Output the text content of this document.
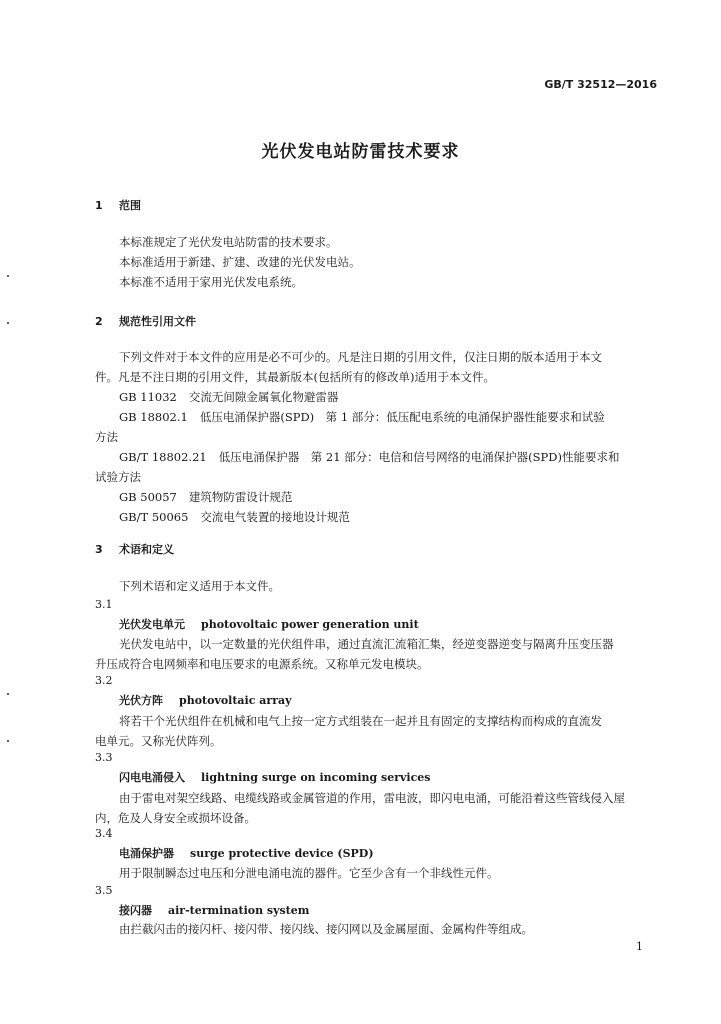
GB/T 32512—2016
光伏发电站防雷技术要求
1 范围
本标准规定了光伏发电站防雷的技术要求。
本标准适用于新建、扩建、改建的光伏发电站。
本标准不适用于家用光伏发电系统。
2 规范性引用文件
下列文件对于本文件的应用是必不可少的。凡是注日期的引用文件，仅注日期的版本适用于本文
件。凡是不注日期的引用文件，其最新版本(包括所有的修改单)适用于本文件。
GB 11032 交流无间隙金属氧化物避雷器
GB 18802.1 低压电涌保护器(SPD)　第 1 部分：低压配电系统的电涌保护器性能要求和试验
方法
GB/T 18802.21 低压电涌保护器　第 21 部分：电信和信号网络的电涌保护器(SPD)性能要求和
试验方法
GB 50057 建筑物防雷设计规范
GB/T 50065 交流电气装置的接地设计规范
3 术语和定义
下列术语和定义适用于本文件。
3.1
光伏发电单元 photovoltaic power generation unit
光伏发电站中，以一定数量的光伏组件串，通过直流汇流箱汇集，经逆变器逆变与隔离升压变压器
升压成符合电网频率和电压要求的电源系统。又称单元发电模块。
3.2
光伏方阵 photovoltaic array
将若干个光伏组件在机械和电气上按一定方式组装在一起并且有固定的支撑结构而构成的直流发
电单元。又称光伏阵列。
3.3
闪电电涌侵入 lightning surge on incoming services
由于雷电对架空线路、电缆线路或金属管道的作用，雷电波，即闪电电涌，可能沿着这些管线侵入屋
内，危及人身安全或损坏设备。
3.4
电涌保护器 surge protective device (SPD)
用于限制瞬态过电压和分泄电涌电流的器件。它至少含有一个非线性元件。
3.5
接闪器 air-termination system
由拦截闪击的接闪杆、接闪带、接闪线、接闪网以及金属屋面、金属构件等组成。
1
